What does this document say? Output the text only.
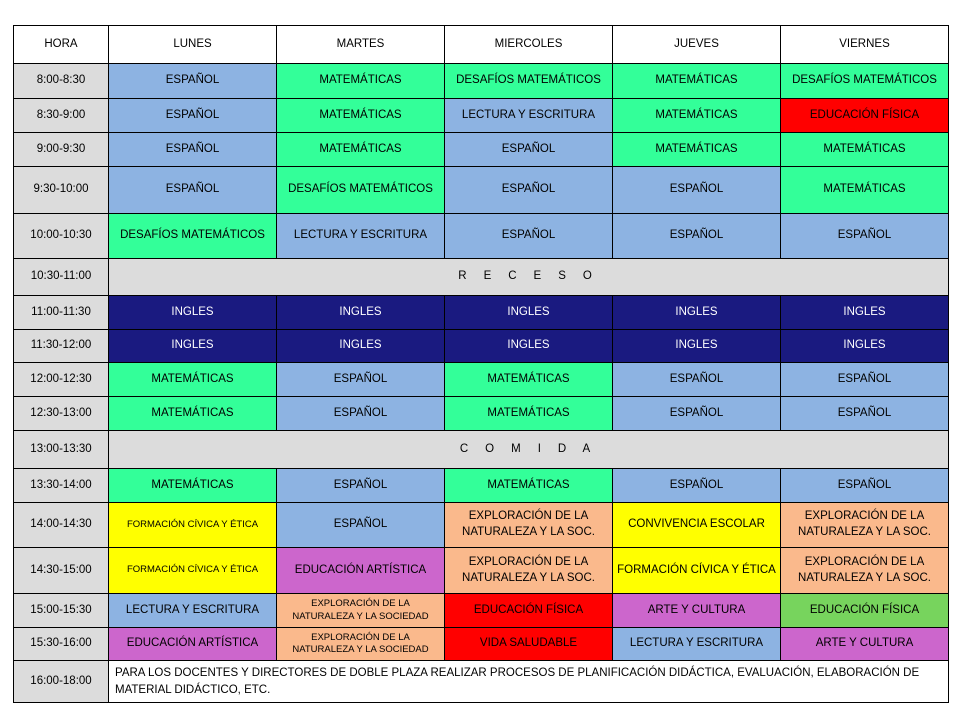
HORA	LUNES	MARTES	MIERCOLES	JUEVES	VIERNES
8:00-8:30	ESPAÑOL	MATEMÁTICAS	DESAFÍOS MATEMÁTICOS	MATEMÁTICAS	DESAFÍOS MATEMÁTICOS
8:30-9:00	ESPAÑOL	MATEMÁTICAS	LECTURA Y ESCRITURA	MATEMÁTICAS	EDUCACIÓN FÍSICA
9:00-9:30	ESPAÑOL	MATEMÁTICAS	ESPAÑOL	MATEMÁTICAS	MATEMÁTICAS
9:30-10:00	ESPAÑOL	DESAFÍOS MATEMÁTICOS	ESPAÑOL	ESPAÑOL	MATEMÁTICAS
10:00-10:30	DESAFÍOS MATEMÁTICOS	LECTURA Y ESCRITURA	ESPAÑOL	ESPAÑOL	ESPAÑOL
10:30-11:00	R E C E S O				
11:00-11:30	INGLES	INGLES	INGLES	INGLES	INGLES
11:30-12:00	INGLES	INGLES	INGLES	INGLES	INGLES
12:00-12:30	MATEMÁTICAS	ESPAÑOL	MATEMÁTICAS	ESPAÑOL	ESPAÑOL
12:30-13:00	MATEMÁTICAS	ESPAÑOL	MATEMÁTICAS	ESPAÑOL	ESPAÑOL
13:00-13:30	C O M I D A				
13:30-14:00	MATEMÁTICAS	ESPAÑOL	MATEMÁTICAS	ESPAÑOL	ESPAÑOL
14:00-14:30	FORMACIÓN CÍVICA Y ÉTICA	ESPAÑOL	EXPLORACIÓN DE LA NATURALEZA Y LA SOC.	CONVIVENCIA ESCOLAR	EXPLORACIÓN DE LA NATURALEZA Y LA SOC.
14:30-15:00	FORMACIÓN CÍVICA Y ÉTICA	EDUCACIÓN ARTÍSTICA	EXPLORACIÓN DE LA NATURALEZA Y LA SOC.	FORMACIÓN CÍVICA Y ÉTICA	EXPLORACIÓN DE LA NATURALEZA Y LA SOC.
15:00-15:30	LECTURA Y ESCRITURA	EXPLORACIÓN DE LA NATURALEZA Y LA SOCIEDAD	EDUCACIÓN FÍSICA	ARTE Y CULTURA	EDUCACIÓN FÍSICA
15:30-16:00	EDUCACIÓN ARTÍSTICA	EXPLORACIÓN DE LA NATURALEZA Y LA SOCIEDAD	VIDA SALUDABLE	LECTURA Y ESCRITURA	ARTE Y CULTURA
16:00-18:00	PARA LOS DOCENTES Y DIRECTORES DE DOBLE PLAZA REALIZAR PROCESOS DE PLANIFICACIÓN DIDÁCTICA, EVALUACIÓN, ELABORACIÓN DE MATERIAL DIDÁCTICO, ETC.				
